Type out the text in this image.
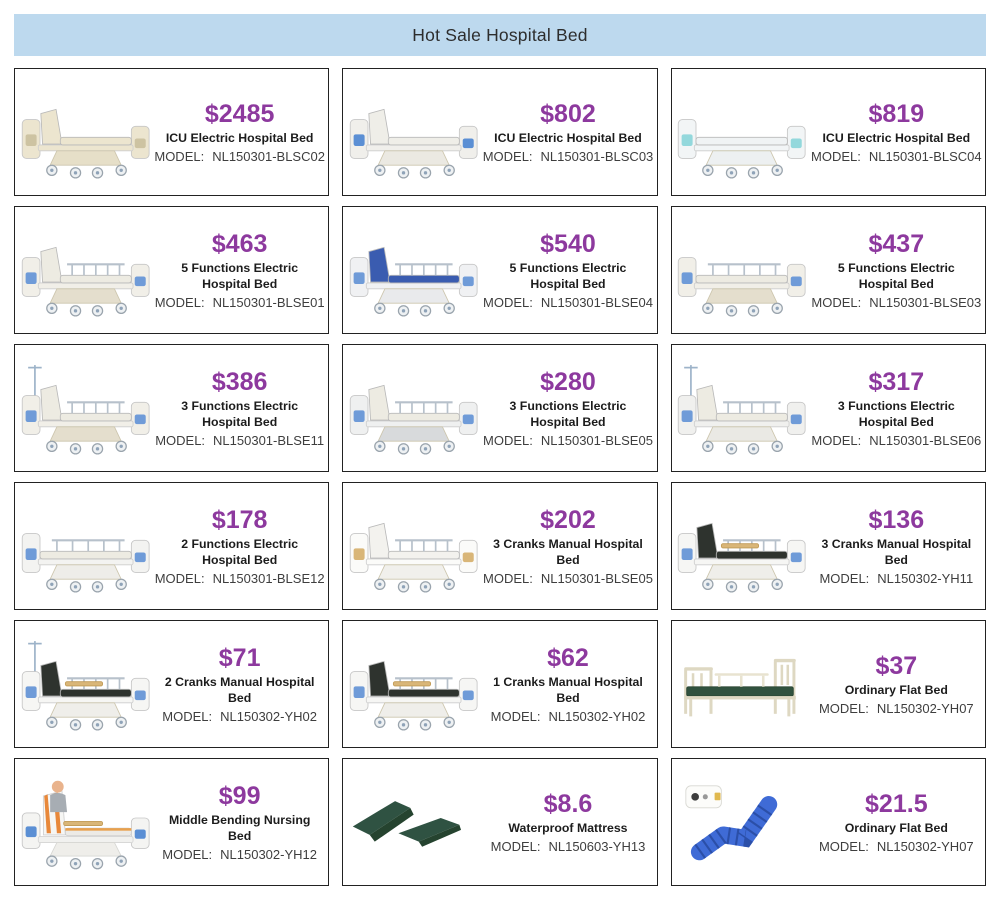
Hot Sale Hospital Bed
$2485
ICU Electric Hospital Bed
MODEL: NL150301-BLSC02
$802
ICU Electric Hospital Bed
MODEL: NL150301-BLSC03
$819
ICU Electric Hospital Bed
MODEL: NL150301-BLSC04
$463
5 Functions Electric Hospital Bed
MODEL: NL150301-BLSE01
$540
5 Functions Electric Hospital Bed
MODEL: NL150301-BLSE04
$437
5 Functions Electric Hospital Bed
MODEL: NL150301-BLSE03
$386
3 Functions Electric Hospital Bed
MODEL: NL150301-BLSE11
$280
3 Functions Electric Hospital Bed
MODEL: NL150301-BLSE05
$317
3 Functions Electric Hospital Bed
MODEL: NL150301-BLSE06
$178
2 Functions Electric Hospital Bed
MODEL: NL150301-BLSE12
$202
3 Cranks Manual Hospital Bed
MODEL: NL150301-BLSE05
$136
3 Cranks Manual Hospital Bed
MODEL: NL150302-YH11
$71
2 Cranks Manual Hospital Bed
MODEL: NL150302-YH02
$62
1 Cranks Manual Hospital Bed
MODEL: NL150302-YH02
$37
Ordinary Flat Bed
MODEL: NL150302-YH07
$99
Middle Bending Nursing Bed
MODEL: NL150302-YH12
$8.6
Waterproof Mattress
MODEL: NL150603-YH13
$21.5
Ordinary Flat Bed
MODEL: NL150302-YH07
